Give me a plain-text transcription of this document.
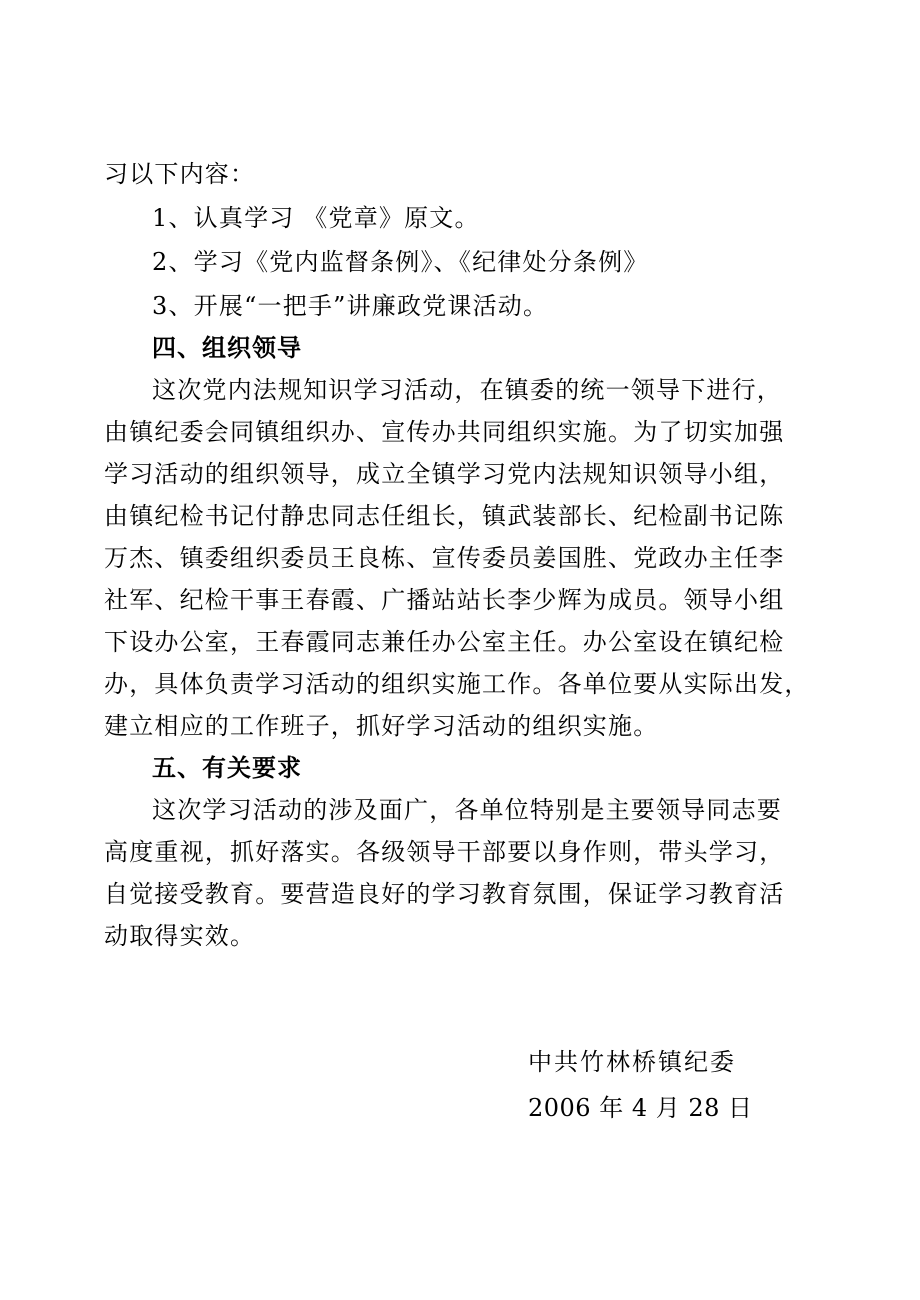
习以下内容：
1、认真学习 《党章》原文。
2、学习《党内监督条例》、《纪律处分条例》
3、开展“一把手”讲廉政党课活动。
四、组织领导
这次党内法规知识学习活动，在镇委的统一领导下进行，
由镇纪委会同镇组织办、宣传办共同组织实施。为了切实加强
学习活动的组织领导，成立全镇学习党内法规知识领导小组，
由镇纪检书记付静忠同志任组长，镇武装部长、纪检副书记陈
万杰、镇委组织委员王良栋、宣传委员姜国胜、党政办主任李
社军、纪检干事王春霞、广播站站长李少辉为成员。领导小组
下设办公室，王春霞同志兼任办公室主任。办公室设在镇纪检
办，具体负责学习活动的组织实施工作。各单位要从实际出发，
建立相应的工作班子，抓好学习活动的组织实施。
五、有关要求
这次学习活动的涉及面广，各单位特别是主要领导同志要
高度重视，抓好落实。各级领导干部要以身作则，带头学习，
自觉接受教育。要营造良好的学习教育氛围，保证学习教育活
动取得实效。
中共竹林桥镇纪委
2006 年 4 月 28 日
